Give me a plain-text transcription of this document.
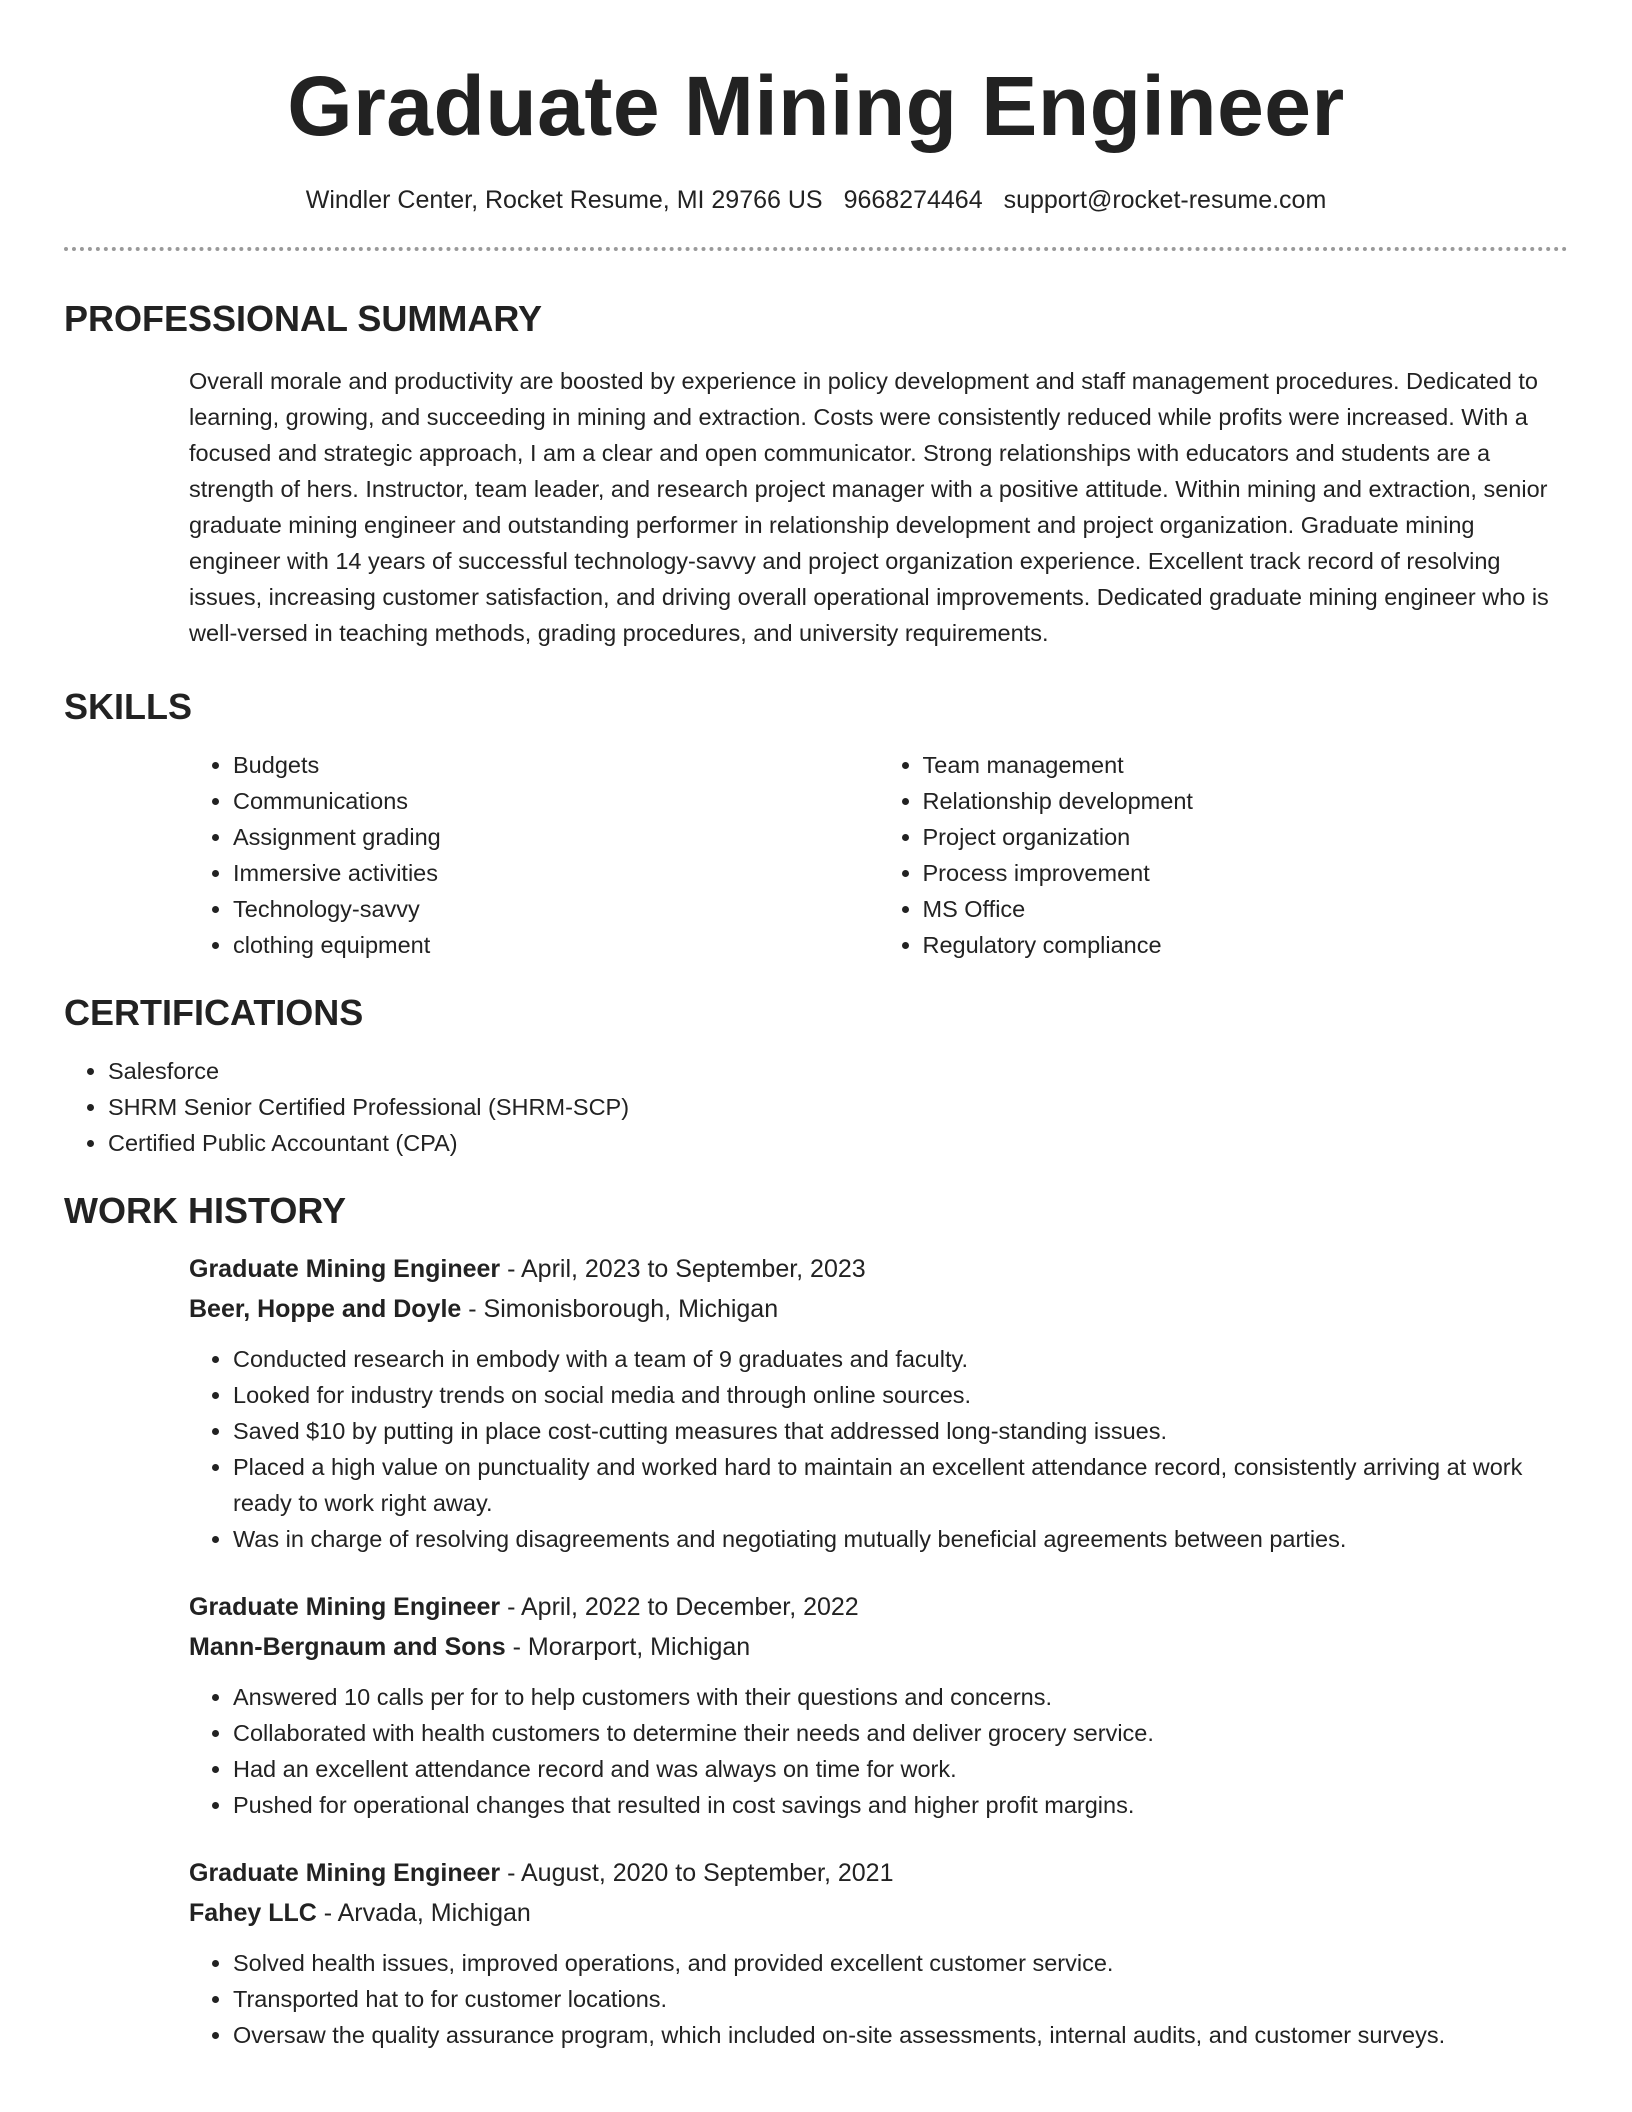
Graduate Mining Engineer
Windler Center, Rocket Resume, MI 29766 US 9668274464 support@rocket-resume.com
PROFESSIONAL SUMMARY
Overall morale and productivity are boosted by experience in policy development and staff management procedures. Dedicated to learning, growing, and succeeding in mining and extraction. Costs were consistently reduced while profits were increased. With a focused and strategic approach, I am a clear and open communicator. Strong relationships with educators and students are a strength of hers. Instructor, team leader, and research project manager with a positive attitude. Within mining and extraction, senior graduate mining engineer and outstanding performer in relationship development and project organization. Graduate mining engineer with 14 years of successful technology-savvy and project organization experience. Excellent track record of resolving issues, increasing customer satisfaction, and driving overall operational improvements. Dedicated graduate mining engineer who is well-versed in teaching methods, grading procedures, and university requirements.
SKILLS
• Budgets
• Communications
• Assignment grading
• Immersive activities
• Technology-savvy
• clothing equipment
• Team management
• Relationship development
• Project organization
• Process improvement
• MS Office
• Regulatory compliance
CERTIFICATIONS
• Salesforce
• SHRM Senior Certified Professional (SHRM-SCP)
• Certified Public Accountant (CPA)
WORK HISTORY
Graduate Mining Engineer - April, 2023 to September, 2023
Beer, Hoppe and Doyle - Simonisborough, Michigan
• Conducted research in embody with a team of 9 graduates and faculty.
• Looked for industry trends on social media and through online sources.
• Saved $10 by putting in place cost-cutting measures that addressed long-standing issues.
• Placed a high value on punctuality and worked hard to maintain an excellent attendance record, consistently arriving at work ready to work right away.
• Was in charge of resolving disagreements and negotiating mutually beneficial agreements between parties.
Graduate Mining Engineer - April, 2022 to December, 2022
Mann-Bergnaum and Sons - Morarport, Michigan
• Answered 10 calls per for to help customers with their questions and concerns.
• Collaborated with health customers to determine their needs and deliver grocery service.
• Had an excellent attendance record and was always on time for work.
• Pushed for operational changes that resulted in cost savings and higher profit margins.
Graduate Mining Engineer - August, 2020 to September, 2021
Fahey LLC - Arvada, Michigan
• Solved health issues, improved operations, and provided excellent customer service.
• Transported hat to for customer locations.
• Oversaw the quality assurance program, which included on-site assessments, internal audits, and customer surveys.
